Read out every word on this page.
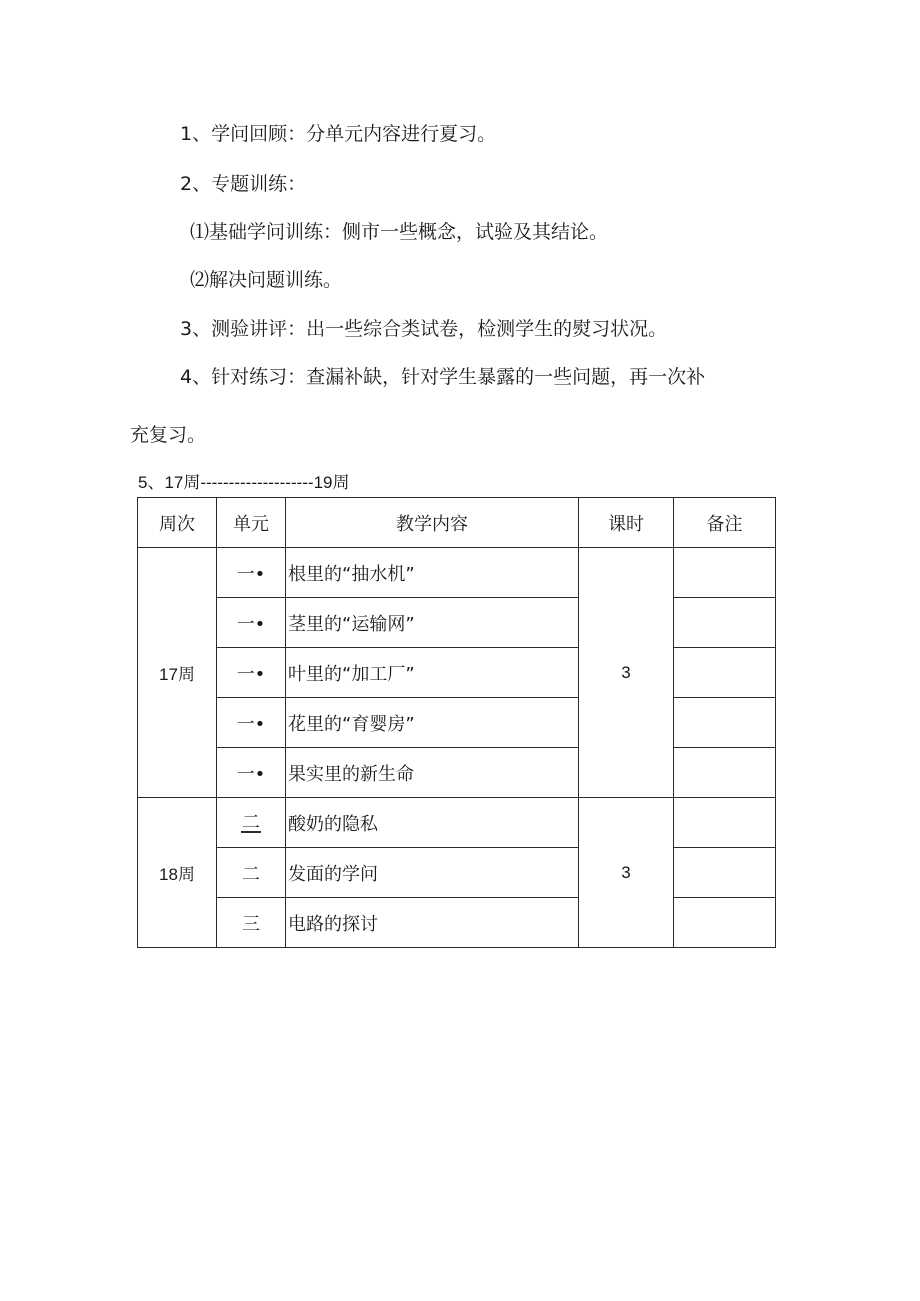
1、学问回顾：分单元内容进行夏习。
2、专题训练：
⑴基础学问训练：侧市一些概念，试验及其结论。
⑵解决问题训练。
3、测验讲评：出一些综合类试卷，检测学生的熨习状况。
4、针对练习：查漏补缺，针对学生暴露的一些问题，再一次补
充复习。
5、17周--------------------19周
周次	单元	教学内容	课时	备注
17周	一•	根里的“抽水机”	3	
	一•	茎里的“运输网”		
	一•	叶里的“加工厂”		
	一•	花里的“育婴房”		
	一•	果实里的新生命		
18周	二	酸奶的隐私	3	
	二	发面的学问		
	三	电路的探讨		
